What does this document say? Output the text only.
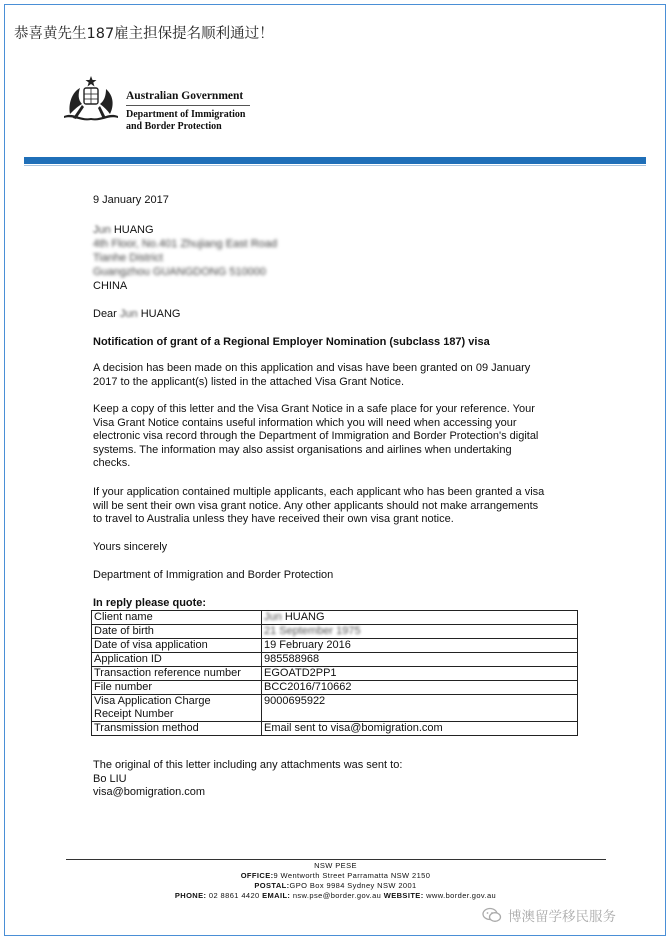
恭喜黄先生187雇主担保提名顺利通过！
Australian Government
Department of Immigration
and Border Protection
9 January 2017
Jun HUANG
4th Floor, No.401 Zhujiang East Road
Tianhe District
Guangzhou GUANGDONG 510000
CHINA
Dear Jun HUANG
Notification of grant of a Regional Employer Nomination (subclass 187) visa
A decision has been made on this application and visas have been granted on 09 January
2017 to the applicant(s) listed in the attached Visa Grant Notice.
Keep a copy of this letter and the Visa Grant Notice in a safe place for your reference. Your
Visa Grant Notice contains useful information which you will need when accessing your
electronic visa record through the Department of Immigration and Border Protection's digital
systems. The information may also assist organisations and airlines when undertaking
checks.
If your application contained multiple applicants, each applicant who has been granted a visa
will be sent their own visa grant notice. Any other applicants should not make arrangements
to travel to Australia unless they have received their own visa grant notice.
Yours sincerely
Department of Immigration and Border Protection
In reply please quote:
Client name	Jun HUANG
Date of birth	21 September 1975
Date of visa application	19 February 2016
Application ID	985588968
Transaction reference number	EGOATD2PP1
File number	BCC2016/710662
Visa Application Charge
Receipt Number	9000695922
Transmission method	Email sent to visa@bomigration.com
The original of this letter including any attachments was sent to:
Bo LIU
visa@bomigration.com
NSW PESE
OFFICE:9 Wentworth Street Parramatta NSW 2150
POSTAL:GPO Box 9984 Sydney NSW 2001
PHONE: 02 8861 4420 EMAIL: nsw.pse@border.gov.au WEBSITE: www.border.gov.au
博澳留学移民服务
